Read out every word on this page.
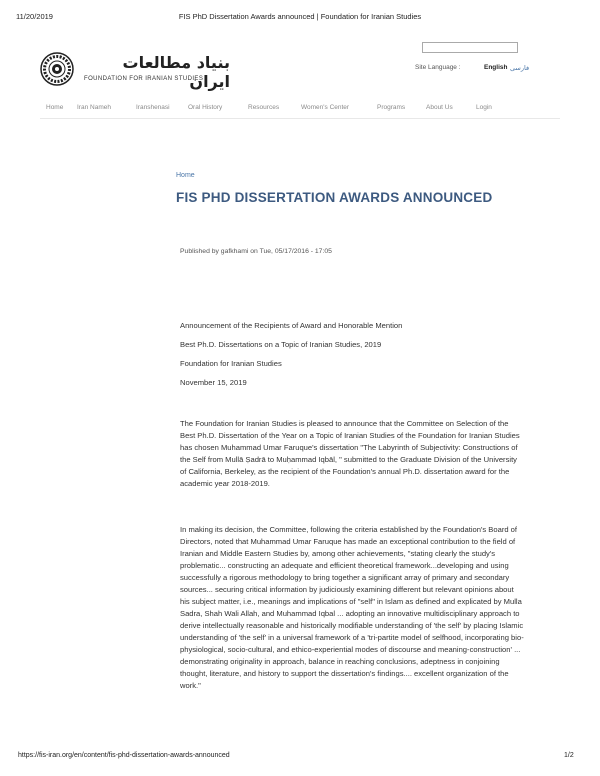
11/20/2019	FIS PhD Dissertation Awards announced | Foundation for Iranian Studies
بنیاد مطالعات ایران
FOUNDATION FOR IRANIAN STUDIES
Site Language :	English فارسی
Home Iran Nameh	Iranshenasi	Oral History	Resources	Women's Center	Programs	About Us	Login
Home
FIS PHD DISSERTATION AWARDS ANNOUNCED
Published by gafkhami on Tue, 05/17/2016 - 17:05
Announcement of the Recipients of Award and Honorable Mention
Best Ph.D. Dissertations on a Topic of Iranian Studies, 2019
Foundation for Iranian Studies
November 15, 2019

The Foundation for Iranian Studies is pleased to announce that the Committee on Selection of the Best Ph.D. Dissertation of the Year on a Topic of Iranian Studies of the Foundation for Iranian Studies has chosen Muhammad Umar Faruque's dissertation "The Labyrinth of Subjectivity: Constructions of the Self from Mullā Ṣadrā to Muḥammad Iqbāl, " submitted to the Graduate Division of the University of California, Berkeley, as the recipient of the Foundation's annual Ph.D. dissertation award for the academic year 2018-2019.

In making its decision, the Committee, following the criteria established by the Foundation's Board of Directors, noted that Muhammad Umar Faruque has made an exceptional contribution to the field of Iranian and Middle Eastern Studies by, among other achievements, "stating clearly the study's problematic... constructing an adequate and efficient theoretical framework...developing and using successfully a rigorous methodology to bring together a significant array of primary and secondary sources... securing critical information by judiciously examining different but relevant opinions about his subject matter, i.e., meanings and implications of "self" in Islam as defined and explicated by Mulla Sadra, Shah Wali Allah, and Muhammad Iqbal ... adopting an innovative multidisciplinary approach to derive intellectually reasonable and historically modifiable understanding of 'the self' by placing Islamic understanding of 'the self' in a universal framework of a 'tri-partite model of selfhood, incorporating bio-physiological, socio-cultural, and ethico-experiential modes of discourse and meaning-construction' ... demonstrating originality in approach, balance in reaching conclusions, adeptness in conjoining thought, literature, and history to support the dissertation's findings.... excellent organization of the work."

https://fis-iran.org/en/content/fis-phd-dissertation-awards-announced	1/2
